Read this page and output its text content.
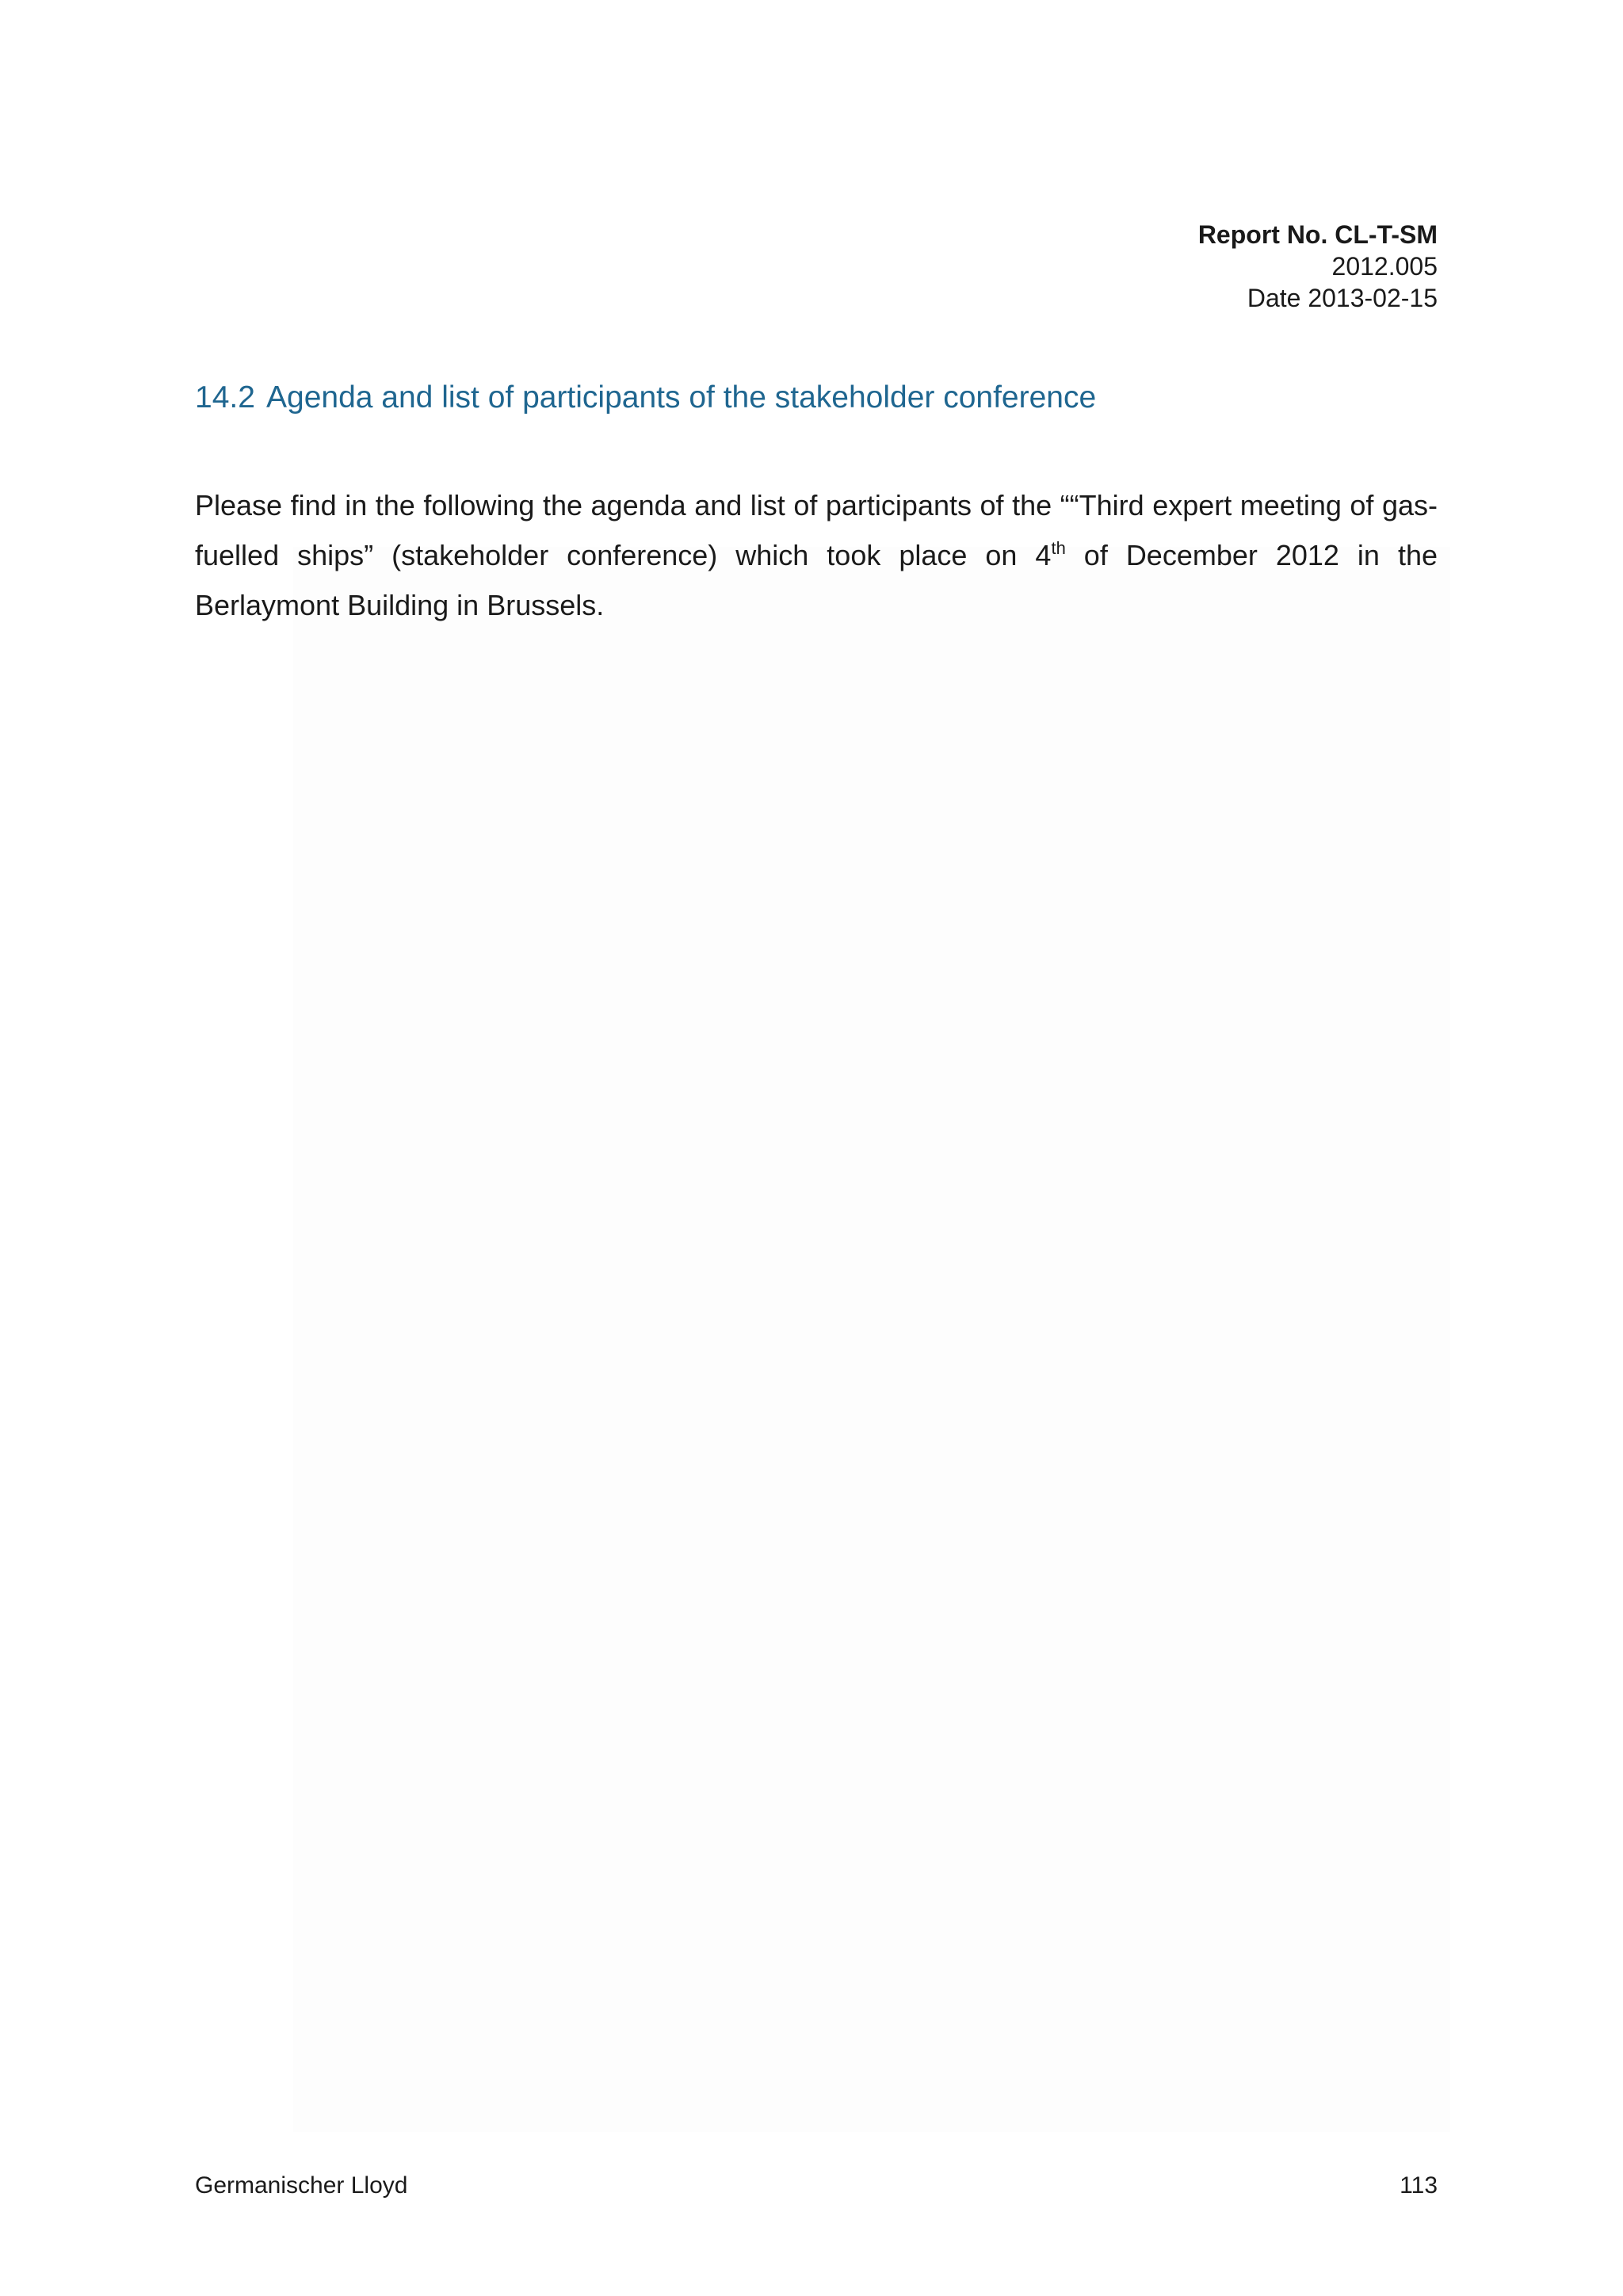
Report No. CL-T-SM
2012.005
Date 2013-02-15
14.2 Agenda and list of participants of the stakeholder conference

Please find in the following the agenda and list of participants of the ““Third expert meeting of gas-fuelled ships” (stakeholder conference) which took place on 4th of December 2012 in the Berlaymont Building in Brussels.

Germanischer Lloyd	113
